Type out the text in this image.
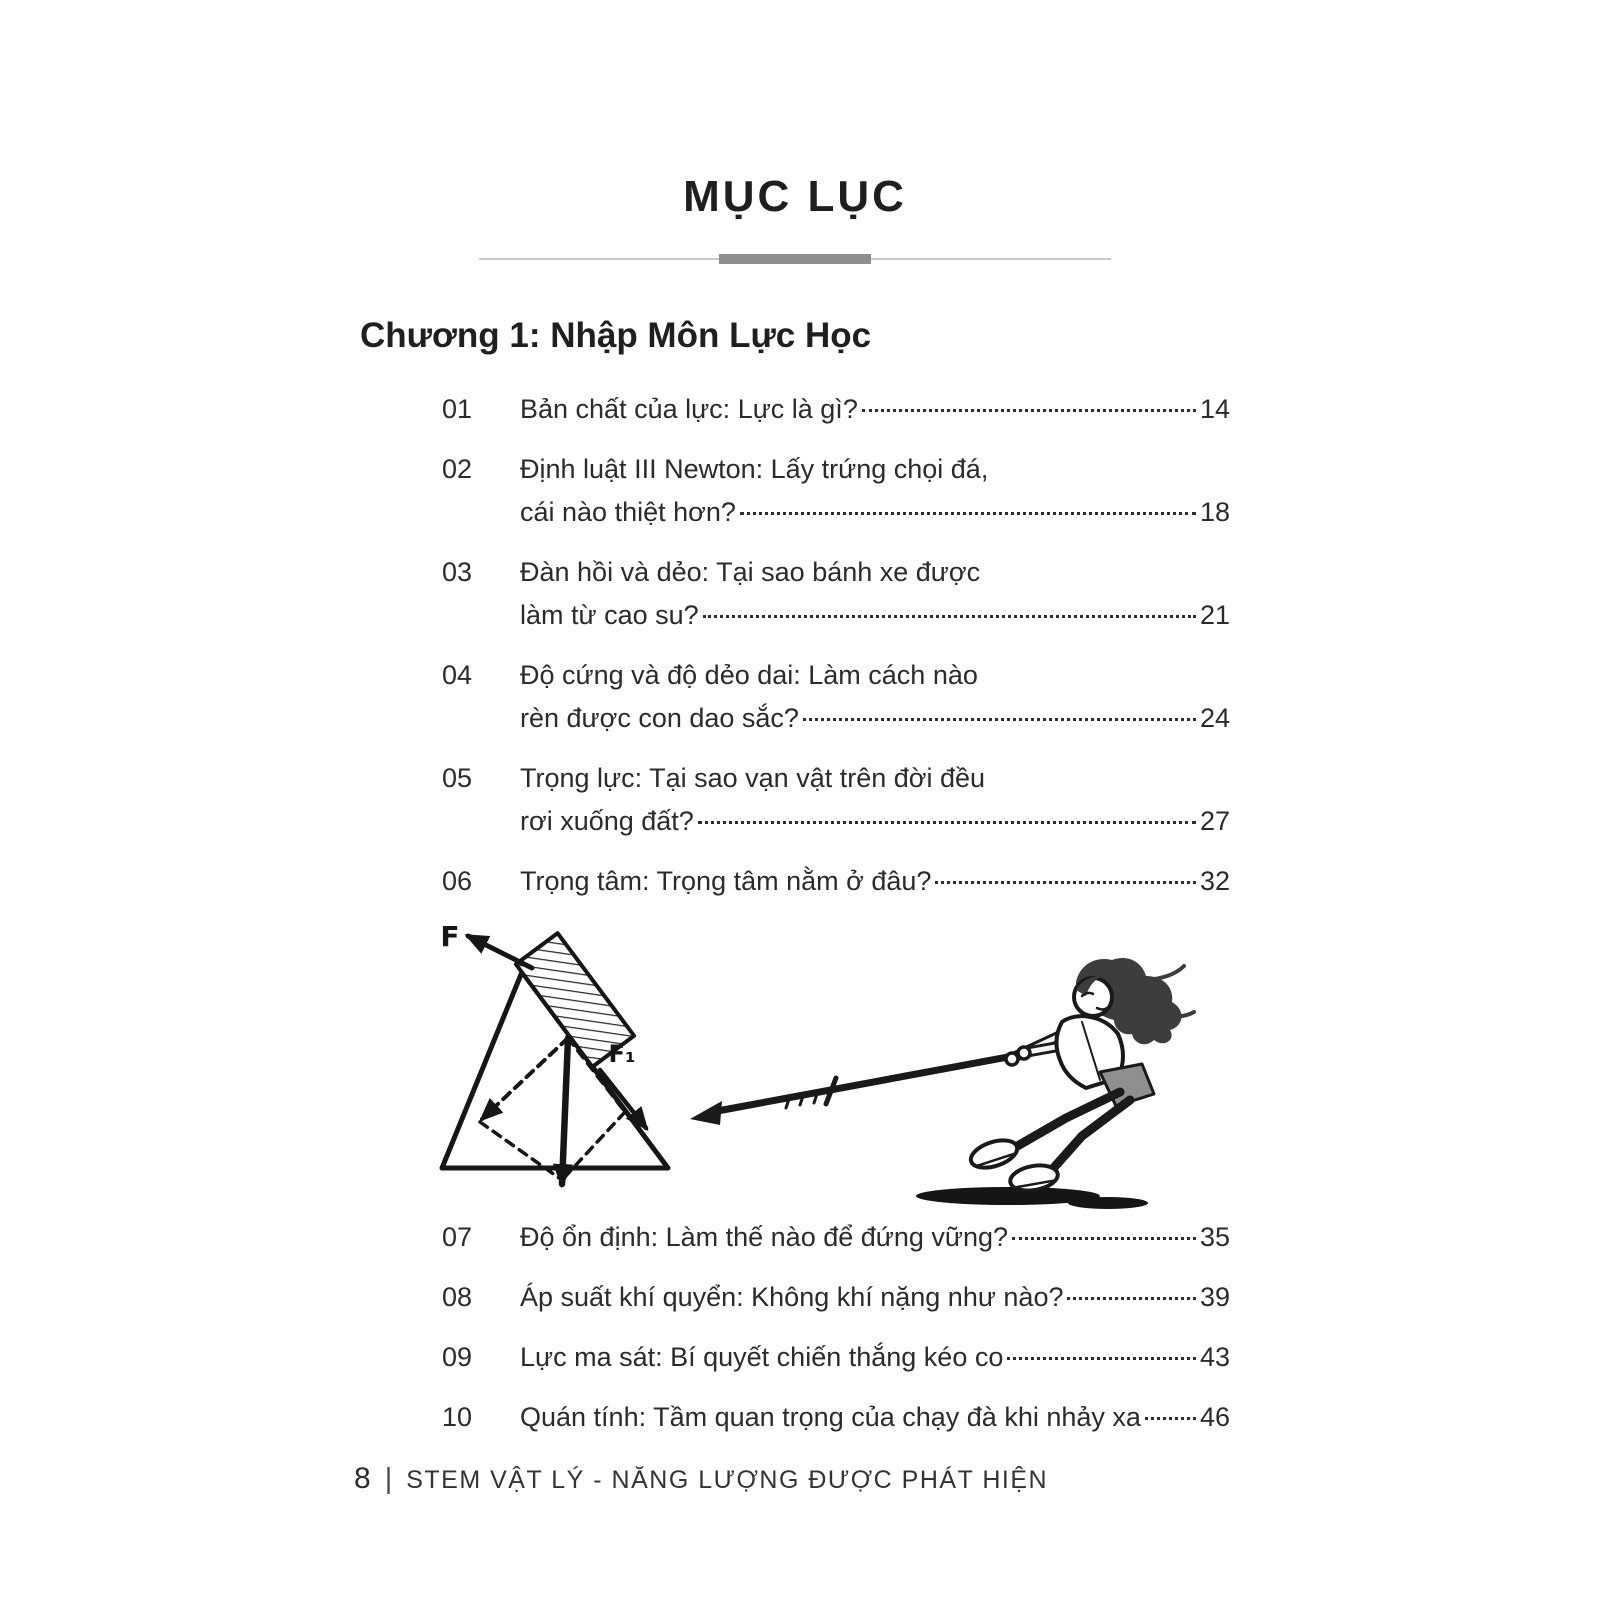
MỤC LỤC
Chương 1: Nhập Môn Lực Học
01	Bản chất của lực: Lực là gì?	14
02	Định luật III Newton: Lấy trứng chọi đá,
cái nào thiệt hơn?	18
03	Đàn hồi và dẻo: Tại sao bánh xe được
làm từ cao su?	21
04	Độ cứng và độ dẻo dai: Làm cách nào
rèn được con dao sắc?	24
05	Trọng lực: Tại sao vạn vật trên đời đều
rơi xuống đất?	27
06	Trọng tâm: Trọng tâm nằm ở đâu?	32
F
F₁
07	Độ ổn định: Làm thế nào để đứng vững?	35
08	Áp suất khí quyển: Không khí nặng như nào?	39
09	Lực ma sát: Bí quyết chiến thắng kéo co	43
10	Quán tính: Tầm quan trọng của chạy đà khi nhảy xa 46
8 | STEM VẬT LÝ - NĂNG LƯỢNG ĐƯỢC PHÁT HIỆN
